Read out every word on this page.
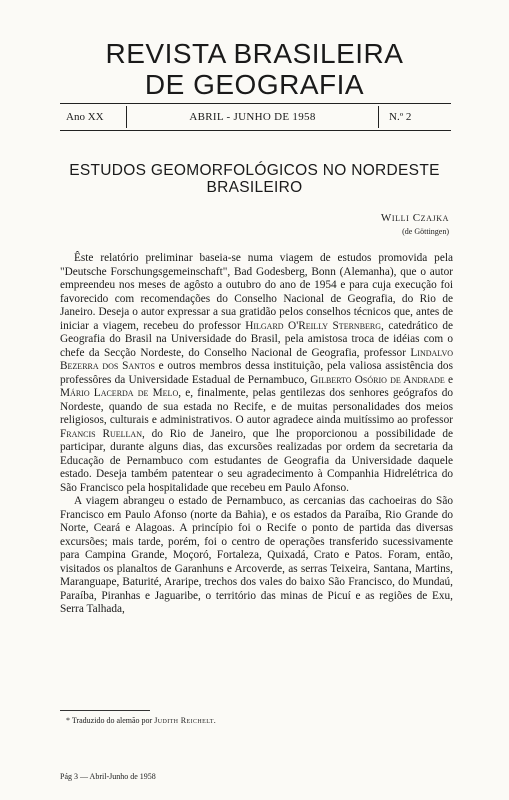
REVISTA BRASILEIRA
DE GEOGRAFIA
Ano XX	ABRIL - JUNHO DE 1958	N.º 2
ESTUDOS GEOMORFOLÓGICOS NO NORDESTE BRASILEIRO
Willi Czajka
(de Göttingen)

Êste relatório preliminar baseia-se numa viagem de estudos promovida pela "Deutsche Forschungsgemeinschaft", Bad Godesberg, Bonn (Alemanha), que o autor empreendeu nos meses de agôsto a outubro do ano de 1954 e para cuja execução foi favorecido com recomendações do Conselho Nacional de Geografia, do Rio de Janeiro. Deseja o autor expressar a sua gratidão pelos conselhos técnicos que, antes de iniciar a viagem, recebeu do professor Hilgard O'Reilly Sternberg, catedrático de Geografia do Brasil na Universidade do Brasil, pela amistosa troca de idéias com o chefe da Secção Nordeste, do Conselho Nacional de Geografia, professor Lindalvo Bezerra dos Santos e outros membros dessa instituição, pela valiosa assistência dos professôres da Universidade Estadual de Pernambuco, Gilberto Osório de Andrade e Mário Lacerda de Melo, e, finalmente, pelas gentilezas dos senhores geógrafos do Nordeste, quando de sua estada no Recife, e de muitas personalidades dos meios religiosos, culturais e administrativos. O autor agradece ainda muitíssimo ao professor Francis Ruellan, do Rio de Janeiro, que lhe proporcionou a possibilidade de participar, durante alguns dias, das excursões realizadas por ordem da secretaria da Educação de Pernambuco com estudantes de Geografia da Universidade daquele estado. Deseja também patentear o seu agradecimento à Companhia Hidrelétrica do São Francisco pela hospitalidade que recebeu em Paulo Afonso.

A viagem abrangeu o estado de Pernambuco, as cercanias das cachoeiras do São Francisco em Paulo Afonso (norte da Bahia), e os estados da Paraíba, Rio Grande do Norte, Ceará e Alagoas. A princípio foi o Recife o ponto de partida das diversas excursões; mais tarde, porém, foi o centro de operações transferido sucessivamente para Campina Grande, Moçoró, Fortaleza, Quixadá, Crato e Patos. Foram, então, visitados os planaltos de Garanhuns e Arcoverde, as serras Teixeira, Santana, Martins, Maranguape, Baturité, Araripe, trechos dos vales do baixo São Francisco, do Mundaú, Paraíba, Piranhas e Jaguaribe, o território das minas de Picuí e as regiões de Exu, Serra Talhada,

* Traduzido do alemão por Judith Reichelt.
Pág 3 — Abril-Junho de 1958
